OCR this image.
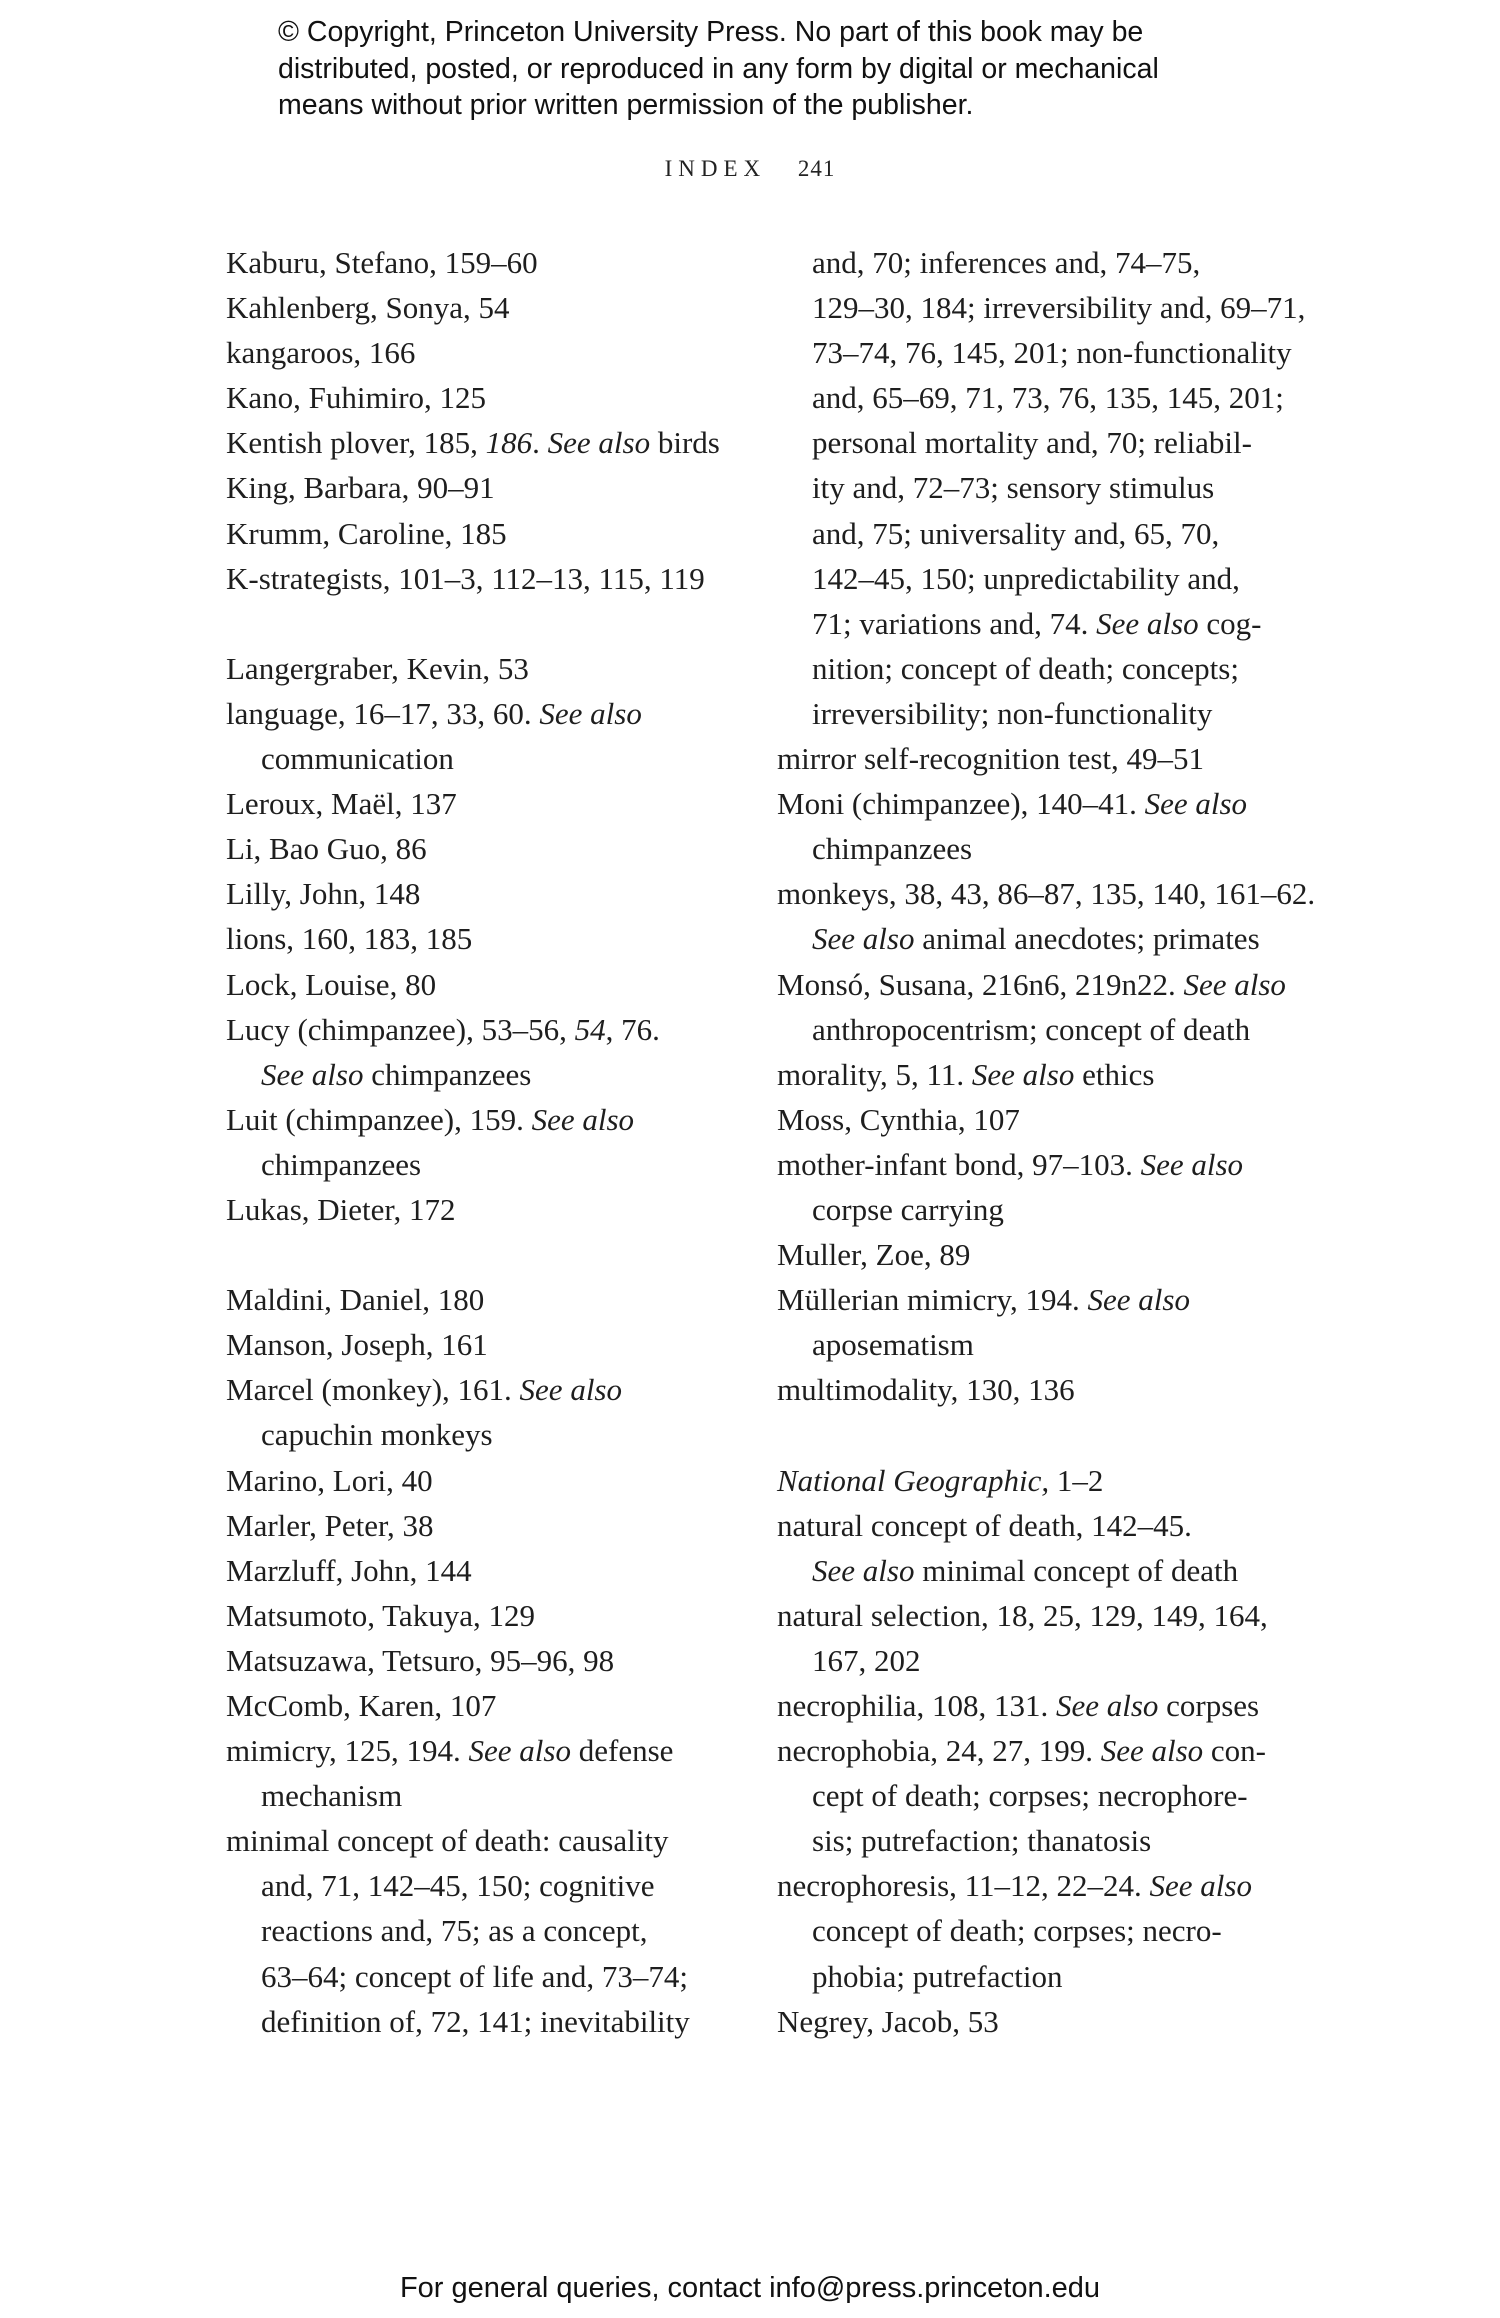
© Copyright, Princeton University Press. No part of this book may be
distributed, posted, or reproduced in any form by digital or mechanical
means without prior written permission of the publisher.
INDEX 241
Kaburu, Stefano, 159–60
Kahlenberg, Sonya, 54
kangaroos, 166
Kano, Fuhimiro, 125
Kentish plover, 185, 186. See also birds
King, Barbara, 90–91
Krumm, Caroline, 185
K-strategists, 101–3, 112–13, 115, 119
Langergraber, Kevin, 53
language, 16–17, 33, 60. See also
communication
Leroux, Maël, 137
Li, Bao Guo, 86
Lilly, John, 148
lions, 160, 183, 185
Lock, Louise, 80
Lucy (chimpanzee), 53–56, 54, 76.
See also chimpanzees
Luit (chimpanzee), 159. See also
chimpanzees
Lukas, Dieter, 172
Maldini, Daniel, 180
Manson, Joseph, 161
Marcel (monkey), 161. See also
capuchin monkeys
Marino, Lori, 40
Marler, Peter, 38
Marzluff, John, 144
Matsumoto, Takuya, 129
Matsuzawa, Tetsuro, 95–96, 98
McComb, Karen, 107
mimicry, 125, 194. See also defense
mechanism
minimal concept of death: causality
and, 71, 142–45, 150; cognitive
reactions and, 75; as a concept,
63–64; concept of life and, 73–74;
definition of, 72, 141; inevitability
and, 70; inferences and, 74–75,
129–30, 184; irreversibility and, 69–71,
73–74, 76, 145, 201; non-functionality
and, 65–69, 71, 73, 76, 135, 145, 201;
personal mortality and, 70; reliabil-
ity and, 72–73; sensory stimulus
and, 75; universality and, 65, 70,
142–45, 150; unpredictability and,
71; variations and, 74. See also cog-
nition; concept of death; concepts;
irreversibility; non-functionality
mirror self-recognition test, 49–51
Moni (chimpanzee), 140–41. See also
chimpanzees
monkeys, 38, 43, 86–87, 135, 140, 161–62.
See also animal anecdotes; primates
Monsó, Susana, 216n6, 219n22. See also
anthropocentrism; concept of death
morality, 5, 11. See also ethics
Moss, Cynthia, 107
mother-infant bond, 97–103. See also
corpse carrying
Muller, Zoe, 89
Müllerian mimicry, 194. See also
aposematism
multimodality, 130, 136
National Geographic, 1–2
natural concept of death, 142–45.
See also minimal concept of death
natural selection, 18, 25, 129, 149, 164,
167, 202
necrophilia, 108, 131. See also corpses
necrophobia, 24, 27, 199. See also con-
cept of death; corpses; necrophore-
sis; putrefaction; thanatosis
necrophoresis, 11–12, 22–24. See also
concept of death; corpses; necro-
phobia; putrefaction
Negrey, Jacob, 53
For general queries, contact info@press.princeton.edu
